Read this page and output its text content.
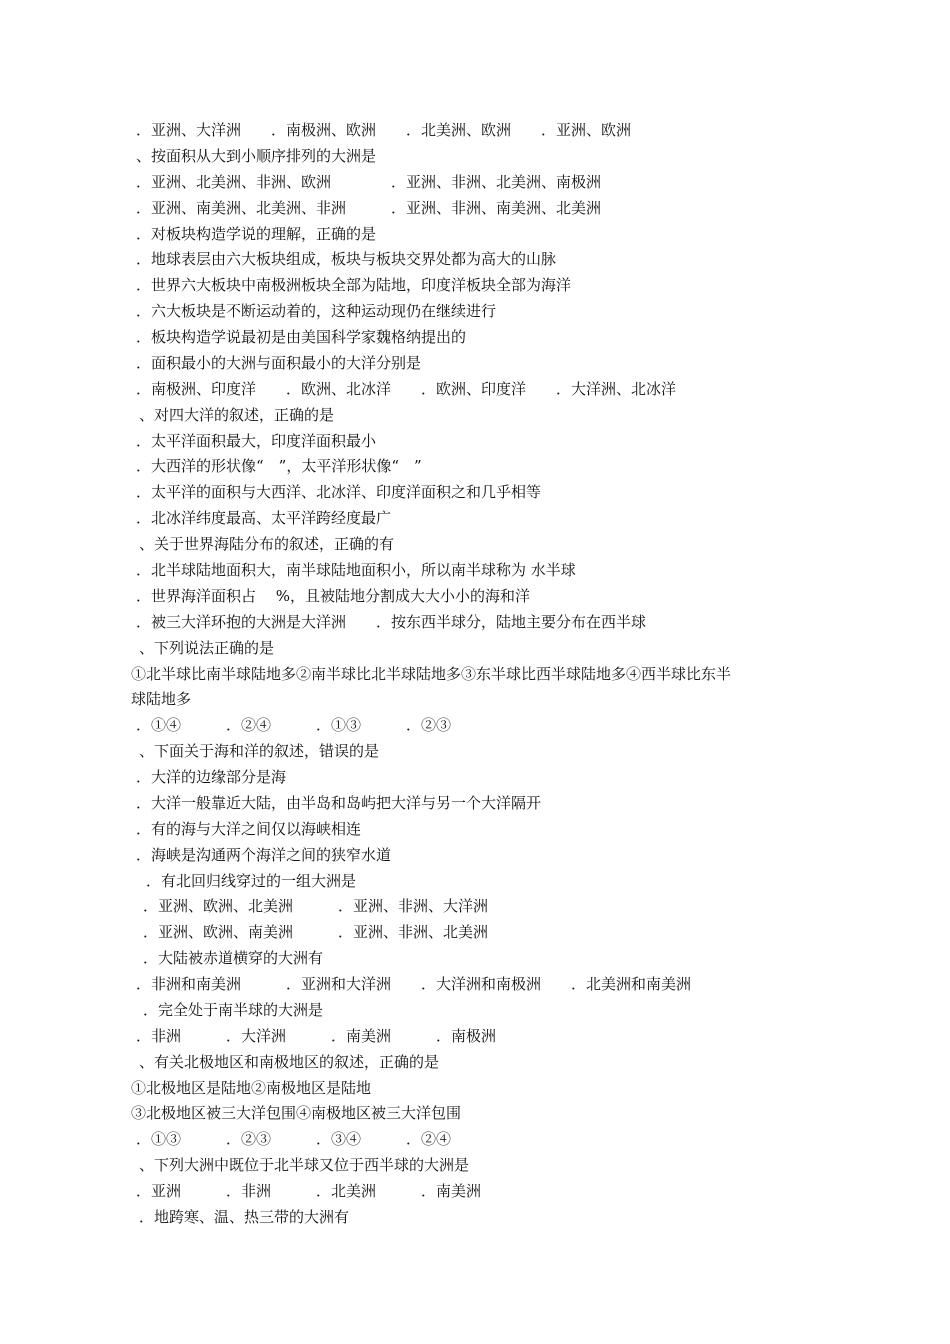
．亚洲、大洋洲　　．南极洲、欧洲　　．北美洲、欧洲　　．亚洲、欧洲
、按面积从大到小顺序排列的大洲是
．亚洲、北美洲、非洲、欧洲　　　　．亚洲、非洲、北美洲、南极洲
．亚洲、南美洲、北美洲、非洲　　　．亚洲、非洲、南美洲、北美洲
．对板块构造学说的理解，正确的是
．地球表层由六大板块组成，板块与板块交界处都为高大的山脉
．世界六大板块中南极洲板块全部为陆地，印度洋板块全部为海洋
．六大板块是不断运动着的，这种运动现仍在继续进行
．板块构造学说最初是由美国科学家魏格纳提出的
．面积最小的大洲与面积最小的大洋分别是
．南极洲、印度洋　　．欧洲、北冰洋　　．欧洲、印度洋　　．大洋洲、北冰洋
、对四大洋的叙述，正确的是
．太平洋面积最大，印度洋面积最小
．大西洋的形状像“　”，太平洋形状像“　”
．太平洋的面积与大西洋、北冰洋、印度洋面积之和几乎相等
．北冰洋纬度最高、太平洋跨经度最广
、关于世界海陆分布的叙述，正确的有
．北半球陆地面积大，南半球陆地面积小，所以南半球称为 水半球
．世界海洋面积占　 %，且被陆地分割成大大小小的海和洋
．被三大洋环抱的大洲是大洋洲　　．按东西半球分，陆地主要分布在西半球
、下列说法正确的是
①北半球比南半球陆地多②南半球比北半球陆地多③东半球比西半球陆地多④西半球比东半
球陆地多
．①④　　　．②④　　　．①③　　　．②③
、下面关于海和洋的叙述，错误的是
．大洋的边缘部分是海
．大洋一般靠近大陆，由半岛和岛屿把大洋与另一个大洋隔开
．有的海与大洋之间仅以海峡相连
．海峡是沟通两个海洋之间的狭窄水道
．有北回归线穿过的一组大洲是
．亚洲、欧洲、北美洲　　　．亚洲、非洲、大洋洲
．亚洲、欧洲、南美洲　　　．亚洲、非洲、北美洲
．大陆被赤道横穿的大洲有
．非洲和南美洲　　　．亚洲和大洋洲　　．大洋洲和南极洲　　．北美洲和南美洲
．完全处于南半球的大洲是
．非洲　　　．大洋洲　　　．南美洲　　　．南极洲
、有关北极地区和南极地区的叙述，正确的是
①北极地区是陆地②南极地区是陆地
③北极地区被三大洋包围④南极地区被三大洋包围
．①③　　　．②③　　　．③④　　　．②④
、下列大洲中既位于北半球又位于西半球的大洲是
．亚洲　　　．非洲　　　．北美洲　　　．南美洲
．地跨寒、温、热三带的大洲有
